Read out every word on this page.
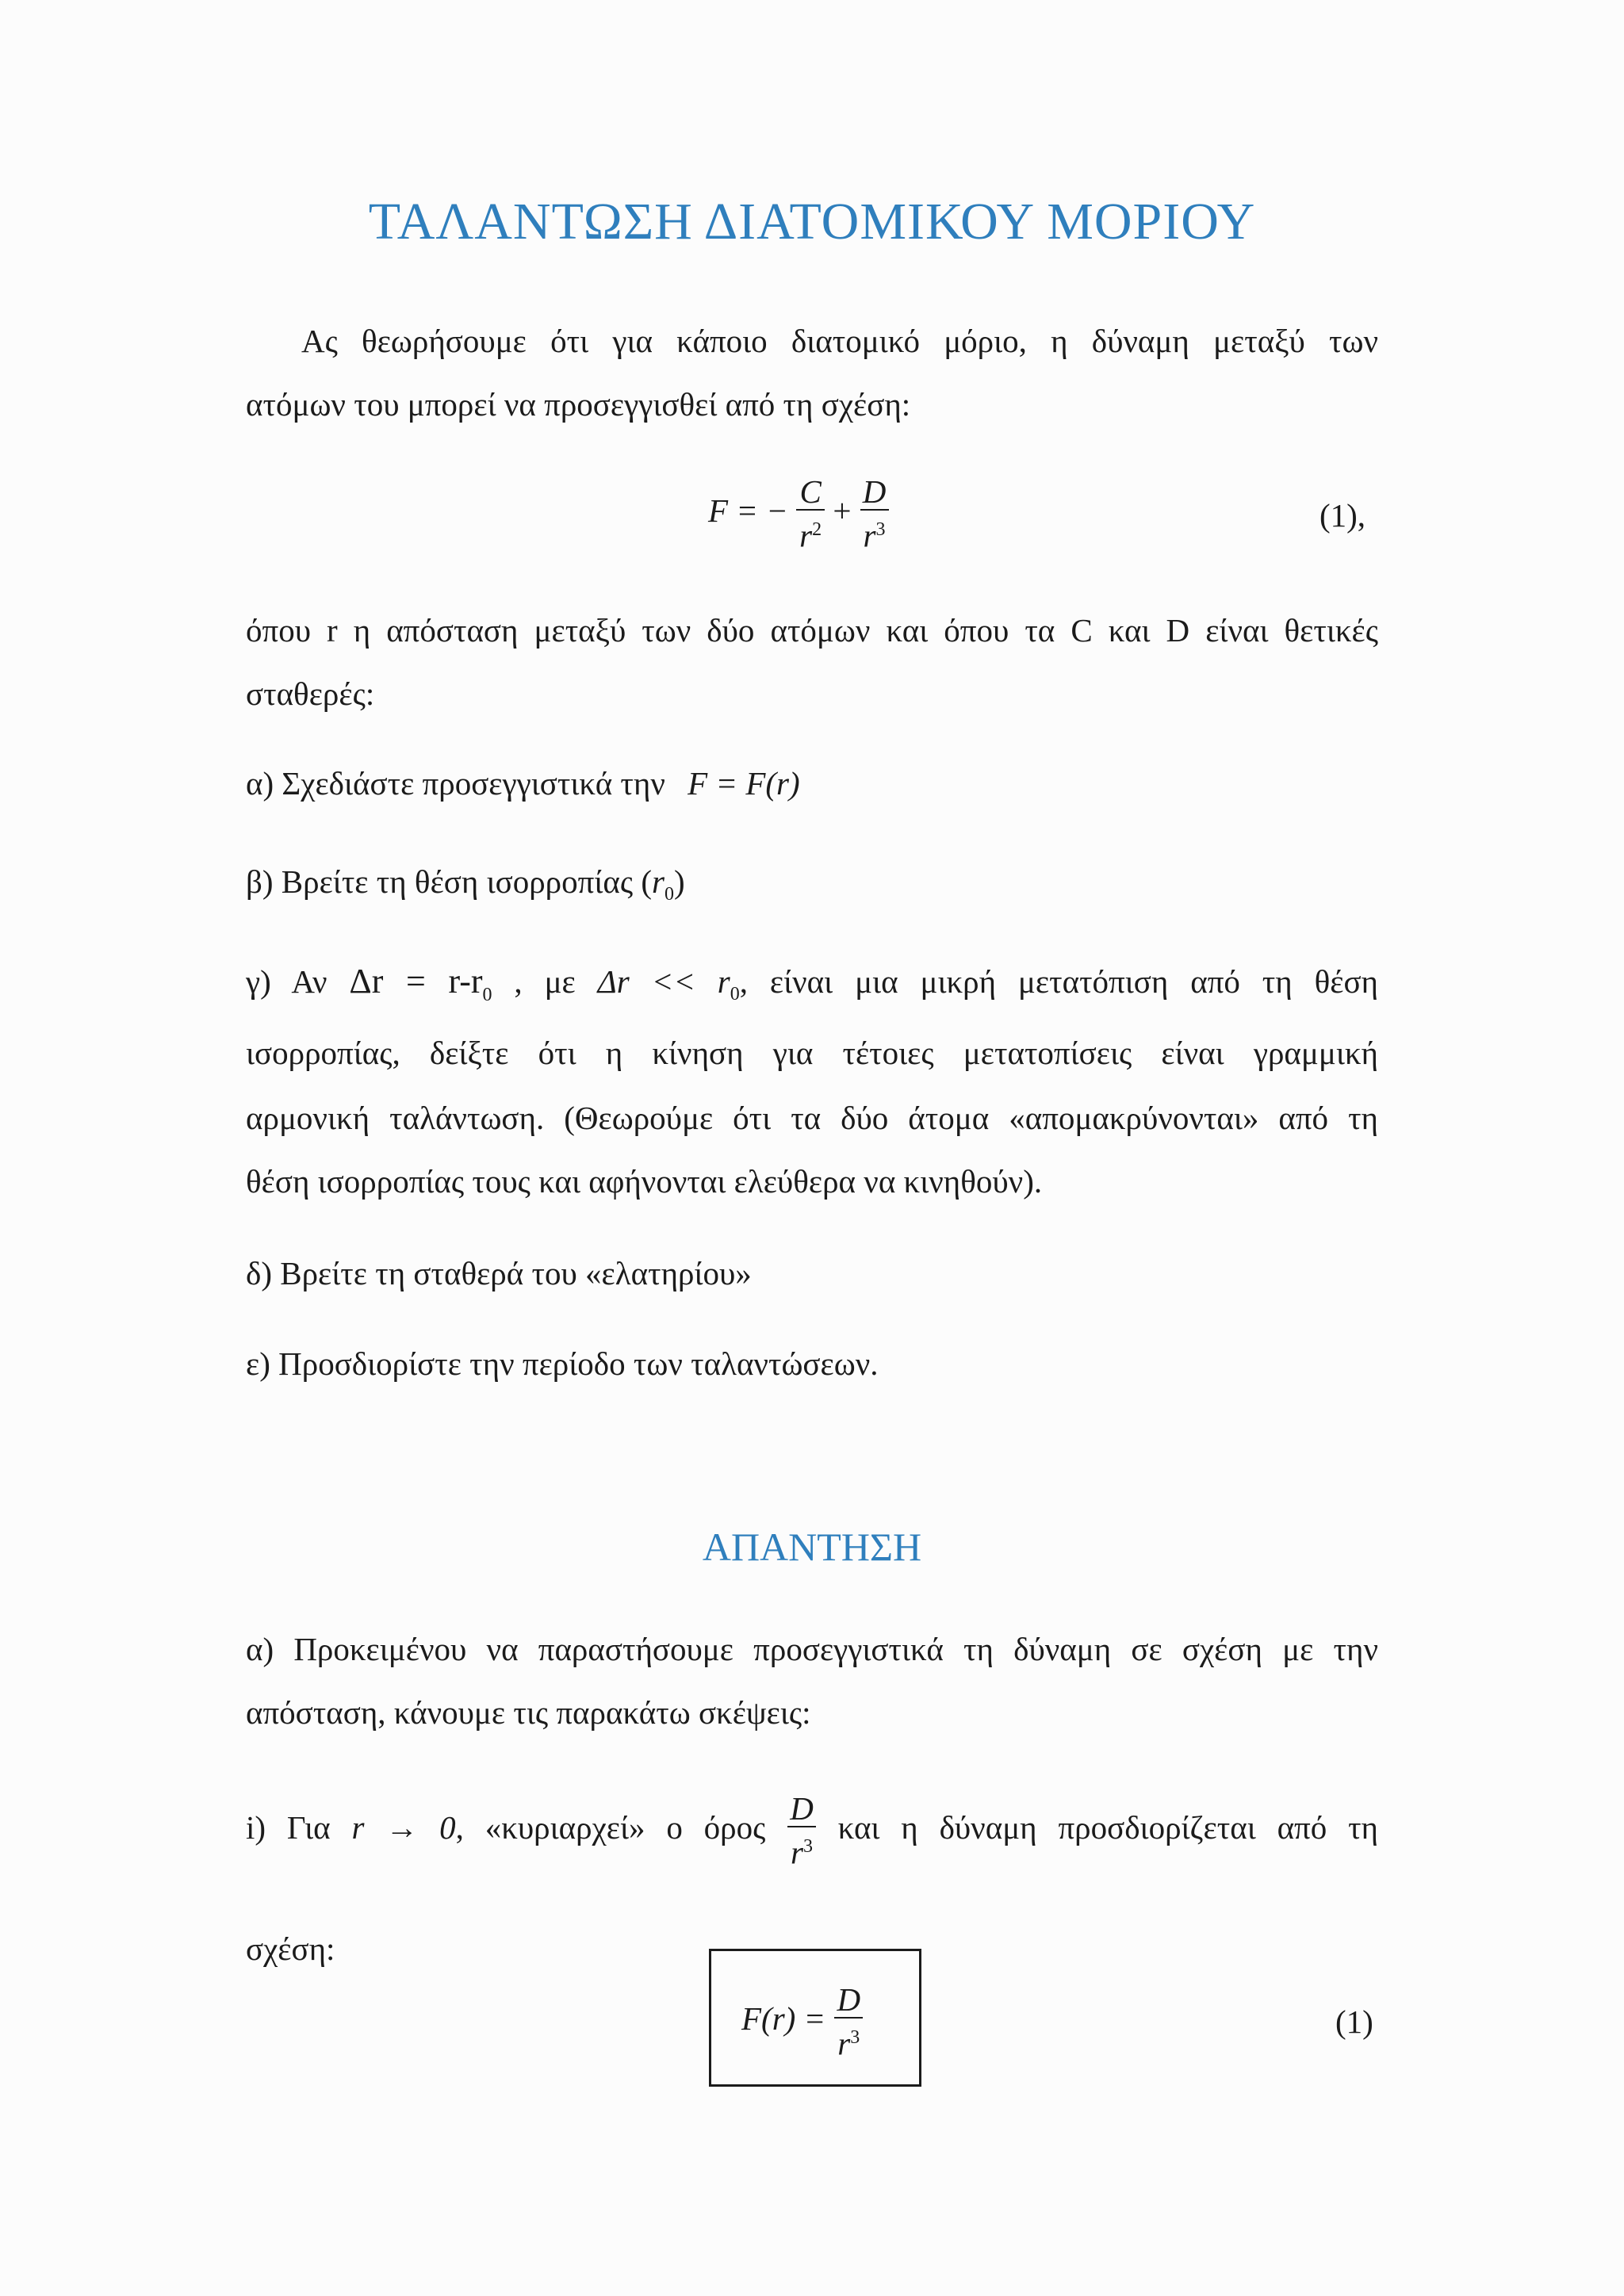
ΤΑΛΑΝΤΩΣΗ ΔΙΑΤΟΜΙΚΟΥ ΜΟΡΙΟΥ
Ας θεωρήσουμε ότι για κάποιο διατομικό μόριο, η δύναμη μεταξύ των
ατόμων του μπορεί να προσεγγισθεί από τη σχέση:
F = − $\frac{C}{r^2} + \frac{D}{r^3}$	(1),
όπου r η απόσταση μεταξύ των δύο ατόμων και όπου τα C και D είναι θετικές
σταθερές:
α) Σχεδιάστε προσεγγιστικά την F = F(r)
β) Βρείτε τη θέση ισορροπίας $(r_0)$
γ) Αν $\Delta r = r-r_0$ , με $\Delta r << r_0$, είναι μια μικρή μετατόπιση από τη θέση
ισορροπίας, δείξτε ότι η κίνηση για τέτοιες μετατοπίσεις είναι γραμμική
αρμονική ταλάντωση. (Θεωρούμε ότι τα δύο άτομα «απομακρύνονται» από τη
θέση ισορροπίας τους και αφήνονται ελεύθερα να κινηθούν).
δ) Βρείτε τη σταθερά του «ελατηρίου»
ε) Προσδιορίστε την περίοδο των ταλαντώσεων.
ΑΠΑΝΤΗΣΗ
α) Προκειμένου να παραστήσουμε προσεγγιστικά τη δύναμη σε σχέση με την
απόσταση, κάνουμε τις παρακάτω σκέψεις:
i) Για r → 0, «κυριαρχεί» ο όρος $\frac{D}{r^3}$ και η δύναμη προσδιορίζεται από τη
σχέση:
$F(r) = \frac{D}{r^3}$	(1)
